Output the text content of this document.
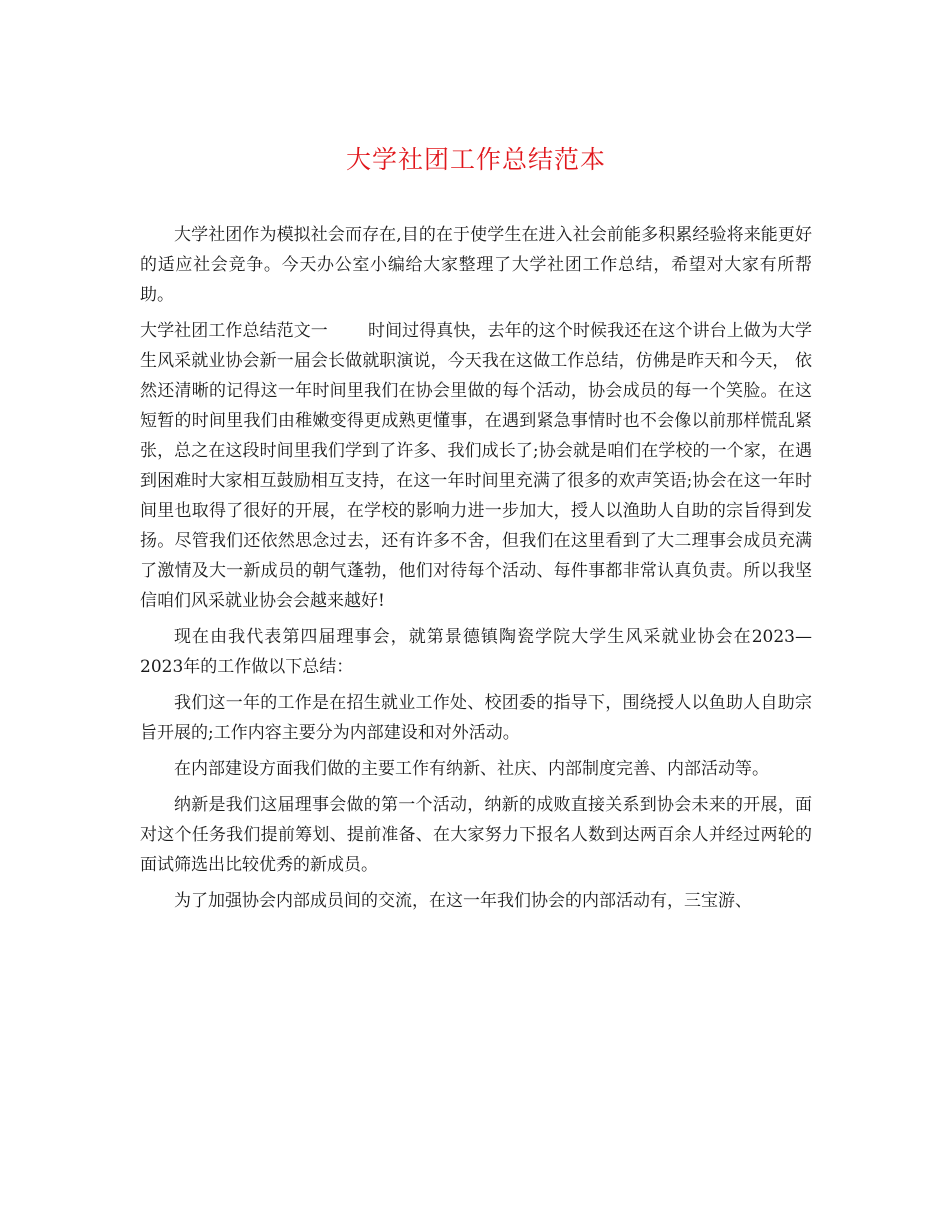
大学社团工作总结范本

大学社团作为模拟社会而存在,目的在于使学生在进入社会前能多积累经验将来能更好的适应社会竞争。今天办公室小编给大家整理了大学社团工作总结，希望对大家有所帮助。

大学社团工作总结范文一 时间过得真快，去年的这个时候我还在这个讲台上做为大学生风采就业协会新一届会长做就职演说，今天我在这做工作总结，仿佛是昨天和今天， 依然还清晰的记得这一年时间里我们在协会里做的每个活动，协会成员的每一个笑脸。在这短暂的时间里我们由稚嫩变得更成熟更懂事，在遇到紧急事情时也不会像以前那样慌乱紧张，总之在这段时间里我们学到了许多、我们成长了;协会就是咱们在学校的一个家，在遇到困难时大家相互鼓励相互支持，在这一年时间里充满了很多的欢声笑语;协会在这一年时间里也取得了很好的开展，在学校的影响力进一步加大，授人以渔助人自助的宗旨得到发扬。尽管我们还依然思念过去，还有许多不舍，但我们在这里看到了大二理事会成员充满了激情及大一新成员的朝气蓬勃，他们对待每个活动、每件事都非常认真负责。所以我坚信咱们风采就业协会会越来越好!

现在由我代表第四届理事会，就第景德镇陶瓷学院大学生风采就业协会在2023—2023年的工作做以下总结：

我们这一年的工作是在招生就业工作处、校团委的指导下，围绕授人以鱼助人自助宗旨开展的;工作内容主要分为内部建设和对外活动。

在内部建设方面我们做的主要工作有纳新、社庆、内部制度完善、内部活动等。

纳新是我们这届理事会做的第一个活动，纳新的成败直接关系到协会未来的开展，面对这个任务我们提前筹划、提前准备、在大家努力下报名人数到达两百余人并经过两轮的面试筛选出比较优秀的新成员。

为了加强协会内部成员间的交流，在这一年我们协会的内部活动有，三宝游、
